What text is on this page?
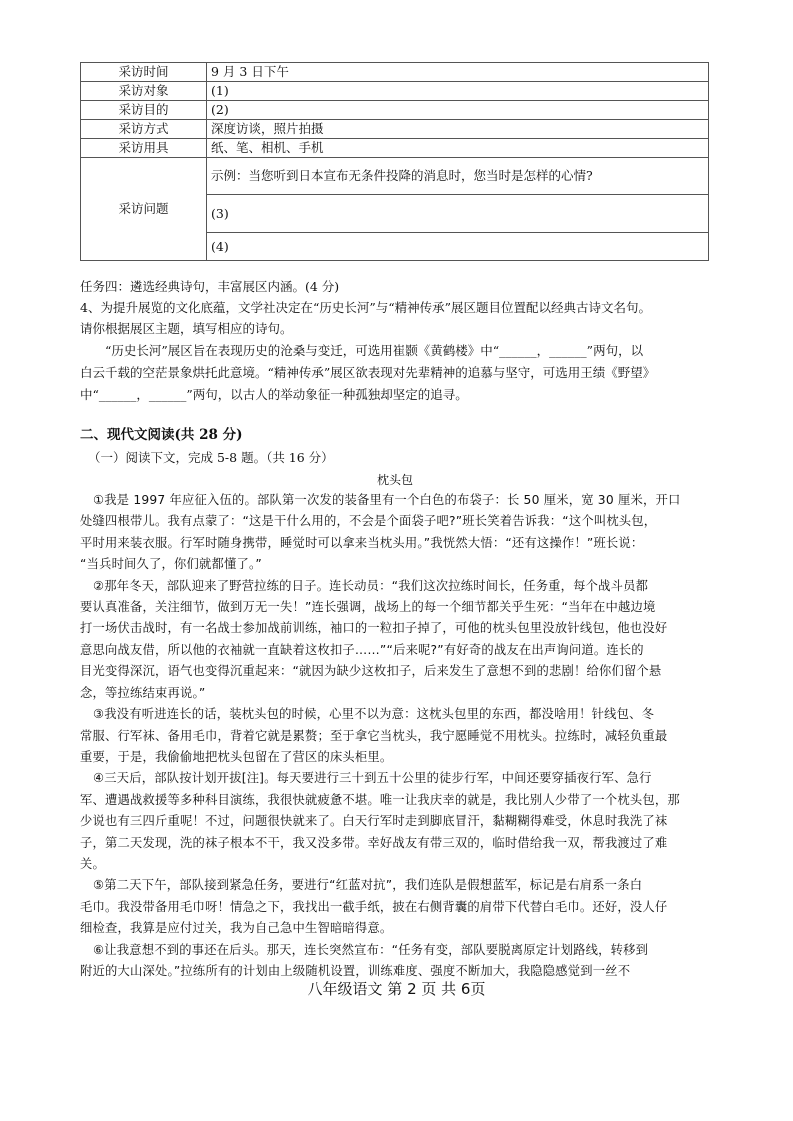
采访时间	9 月 3 日下午
采访对象	(1)
采访目的	(2)
采访方式	深度访谈，照片拍摄
采访用具	纸、笔、相机、手机
采访问题	示例：当您听到日本宣布无条件投降的消息时，您当时是怎样的心情?
	(3)
	(4)

任务四：遴选经典诗句，丰富展区内涵。(4 分)

4、为提升展览的文化底蕴，文学社决定在“历史长河”与“精神传承”展区题目位置配以经典古诗文名句。

请你根据展区主题，填写相应的诗句。

“历史长河”展区旨在表现历史的沧桑与变迁，可选用崔颢《黄鹤楼》中“______，______”两句，以

白云千载的空茫景象烘托此意境。“精神传承”展区欲表现对先辈精神的追慕与坚守，可选用王绩《野望》

中“______，______”两句，以古人的举动象征一种孤独却坚定的追寻。

二、现代文阅读(共 28 分)

（一）阅读下文，完成 5-8 题。（共 16 分）

枕头包

八年级语文 第 2 页 共 6页

①我是 1997 年应征入伍的。部队第一次发的装备里有一个白色的布袋子：长 50 厘米，宽 30 厘米，开口

处缝四根带儿。我有点蒙了：“这是干什么用的，不会是个面袋子吧?”班长笑着告诉我：“这个叫枕头包，

平时用来装衣服。行军时随身携带，睡觉时可以拿来当枕头用。”我恍然大悟：“还有这操作！”班长说：

“当兵时间久了，你们就都懂了。”

②那年冬天，部队迎来了野营拉练的日子。连长动员：“我们这次拉练时间长，任务重，每个战斗员都

要认真准备，关注细节，做到万无一失！”连长强调，战场上的每一个细节都关乎生死：“当年在中越边境

打一场伏击战时，有一名战士参加战前训练，袖口的一粒扣子掉了，可他的枕头包里没放针线包，他也没好

意思向战友借，所以他的衣袖就一直缺着这枚扣子……”“后来呢?”有好奇的战友在出声询问道。连长的

目光变得深沉，语气也变得沉重起来：“就因为缺少这枚扣子，后来发生了意想不到的悲剧！给你们留个悬

念，等拉练结束再说。”

③我没有听进连长的话，装枕头包的时候，心里不以为意：这枕头包里的东西，都没啥用！针线包、冬

常服、行军袜、备用毛巾，背着它就是累赘；至于拿它当枕头，我宁愿睡觉不用枕头。拉练时，减轻负重最

重要，于是，我偷偷地把枕头包留在了营区的床头柜里。

④三天后，部队按计划开拔[注]。每天要进行三十到五十公里的徒步行军，中间还要穿插夜行军、急行

军、遭遇战救援等多种科目演练，我很快就疲惫不堪。唯一让我庆幸的就是，我比别人少带了一个枕头包，那

少说也有三四斤重呢！不过，问题很快就来了。白天行军时走到脚底冒汗，黏糊糊得难受，休息时我洗了袜

子，第二天发现，洗的袜子根本不干，我又没多带。幸好战友有带三双的，临时借给我一双，帮我渡过了难

关。

⑤第二天下午，部队接到紧急任务，要进行“红蓝对抗”，我们连队是假想蓝军，标记是右肩系一条白

毛巾。我没带备用毛巾呀！情急之下，我找出一截手纸，披在右侧背囊的肩带下代替白毛巾。还好，没人仔

细检查，我算是应付过关，我为自己急中生智暗暗得意。

⑥让我意想不到的事还在后头。那天，连长突然宣布：“任务有变，部队要脱离原定计划路线，转移到

附近的大山深处。”拉练所有的计划由上级随机设置，训练难度、强度不断加大，我隐隐感觉到一丝不
